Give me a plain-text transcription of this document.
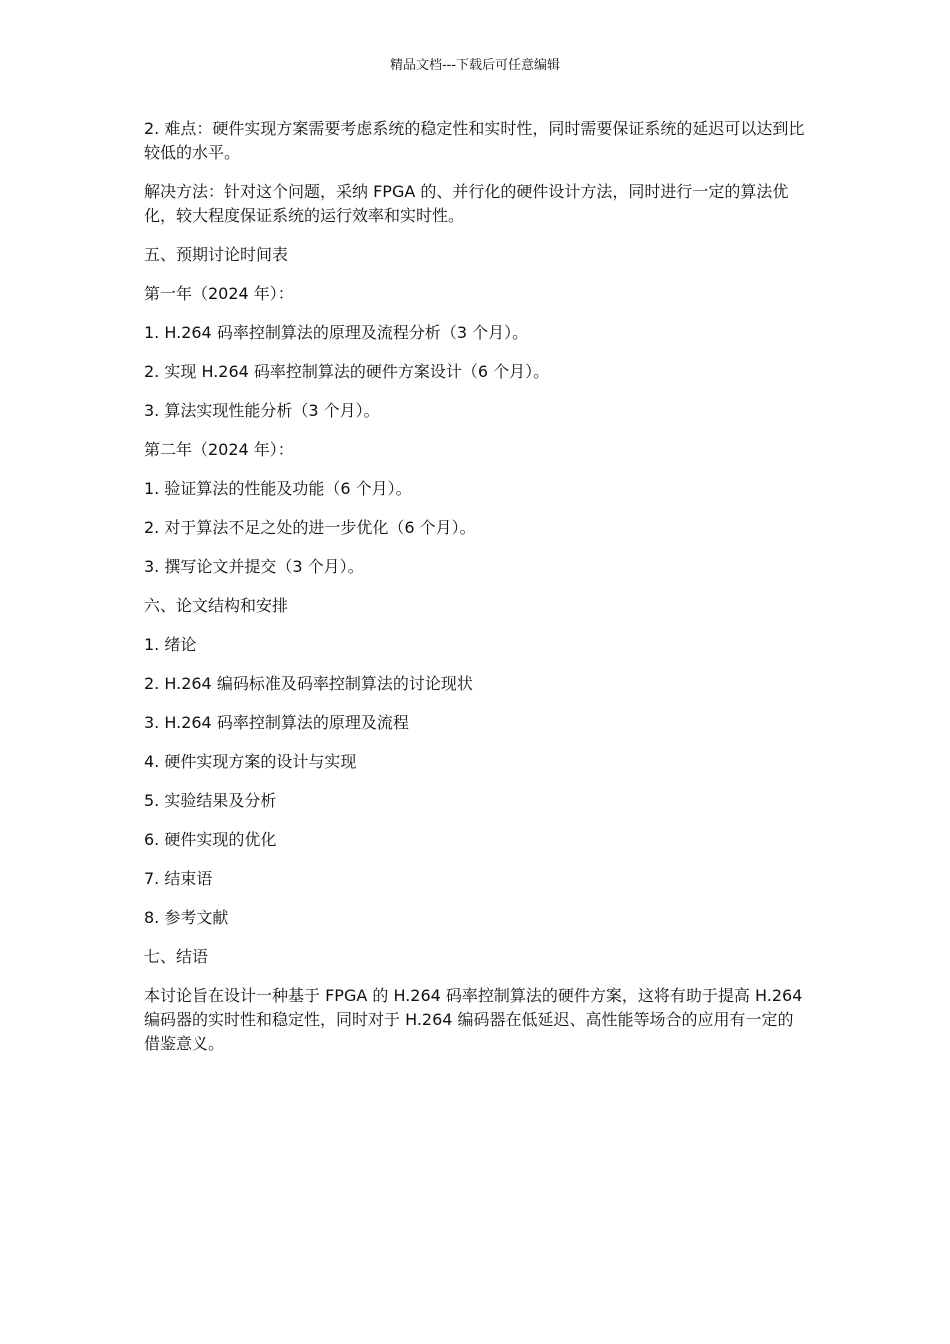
精品文档---下载后可任意编辑

2. 难点：硬件实现方案需要考虑系统的稳定性和实时性，同时需要保证系统的延迟可以达到比较低的水平。

解决方法：针对这个问题，采纳 FPGA 的、并行化的硬件设计方法，同时进行一定的算法优化，较大程度保证系统的运行效率和实时性。

五、预期讨论时间表

第一年（2024 年）：

1. H.264 码率控制算法的原理及流程分析（3 个月）。

2. 实现 H.264 码率控制算法的硬件方案设计（6 个月）。

3. 算法实现性能分析（3 个月）。

第二年（2024 年）：

1. 验证算法的性能及功能（6 个月）。

2. 对于算法不足之处的进一步优化（6 个月）。

3. 撰写论文并提交（3 个月）。

六、论文结构和安排

1. 绪论

2. H.264 编码标准及码率控制算法的讨论现状

3. H.264 码率控制算法的原理及流程

4. 硬件实现方案的设计与实现

5. 实验结果及分析

6. 硬件实现的优化

7. 结束语

8. 参考文献

七、结语

本讨论旨在设计一种基于 FPGA 的 H.264 码率控制算法的硬件方案，这将有助于提高 H.264 编码器的实时性和稳定性，同时对于 H.264 编码器在低延迟、高性能等场合的应用有一定的借鉴意义。
